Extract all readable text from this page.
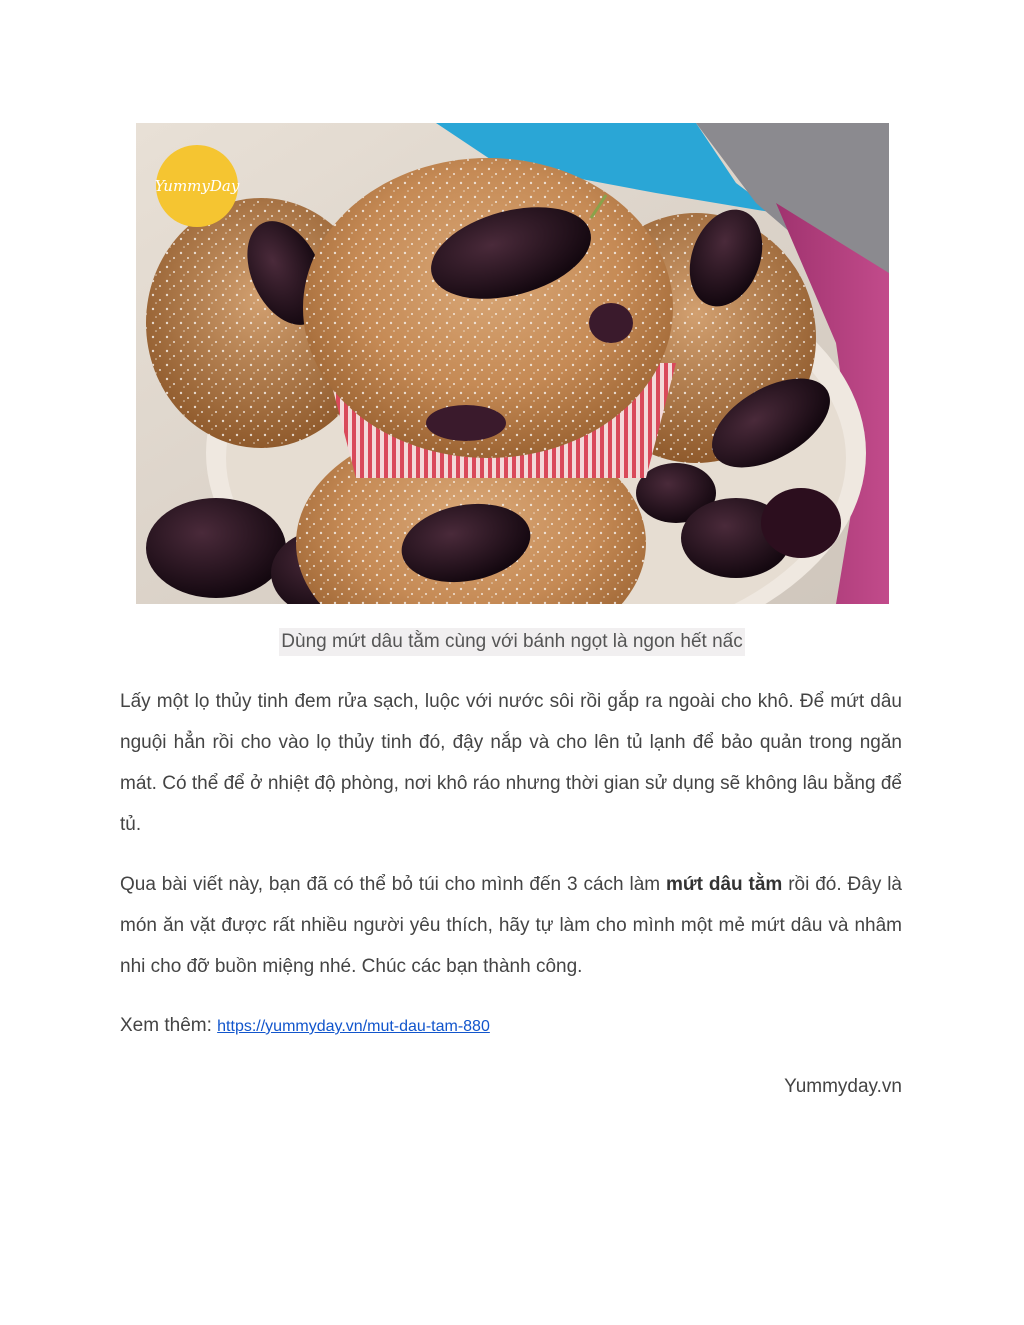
YummyDay
Dùng mứt dâu tằm cùng với bánh ngọt là ngon hết nấc

Lấy một lọ thủy tinh đem rửa sạch, luộc với nước sôi rồi gắp ra ngoài cho khô. Để mứt dâu nguội hẳn rồi cho vào lọ thủy tinh đó, đậy nắp và cho lên tủ lạnh để bảo quản trong ngăn mát. Có thể để ở nhiệt độ phòng, nơi khô ráo nhưng thời gian sử dụng sẽ không lâu bằng để tủ.

Qua bài viết này, bạn đã có thể bỏ túi cho mình đến 3 cách làm mứt dâu tằm rồi đó. Đây là món ăn vặt được rất nhiều người yêu thích, hãy tự làm cho mình một mẻ mứt dâu và nhâm nhi cho đỡ buồn miệng nhé. Chúc các bạn thành công.

Xem thêm: https://yummyday.vn/mut-dau-tam-880
Yummyday.vn
